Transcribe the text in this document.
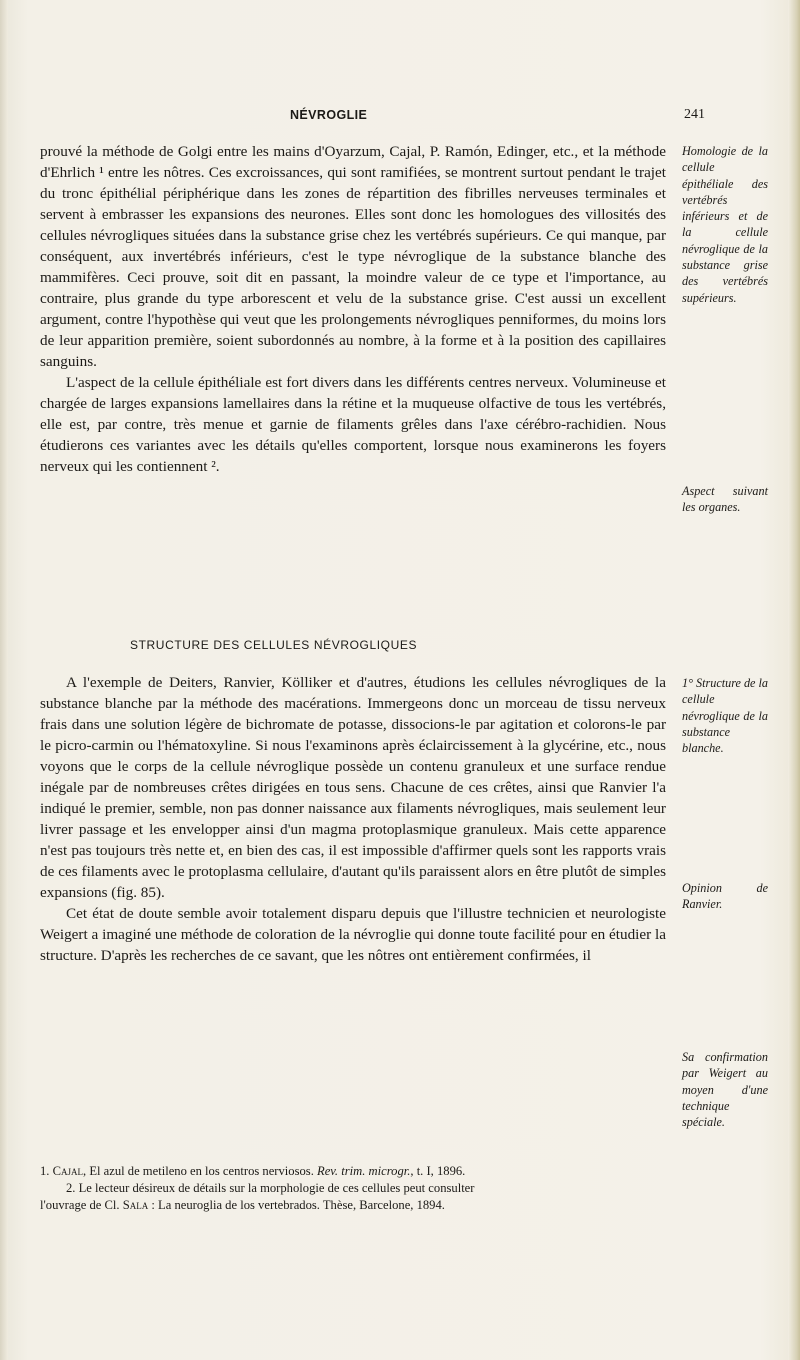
NÉVROGLIE	241

prouvé la méthode de Golgi entre les mains d'Oyarzum, Cajal, P. Ramón, Edinger, etc., et la méthode d'Ehrlich ¹ entre les nôtres. Ces excroissances, qui sont ramifiées, se montrent surtout pendant le trajet du tronc épithélial périphérique dans les zones de répartition des fibrilles nerveuses terminales et servent à embrasser les expansions des neurones. Elles sont donc les homologues des villosités des cellules névrogliques situées dans la substance grise chez les vertébrés supérieurs. Ce qui manque, par conséquent, aux invertébrés inférieurs, c'est le type névroglique de la substance blanche des mammifères. Ceci prouve, soit dit en passant, la moindre valeur de ce type et l'importance, au contraire, plus grande du type arborescent et velu de la substance grise. C'est aussi un excellent argument, contre l'hypothèse qui veut que les prolongements névrogliques penniformes, du moins lors de leur apparition première, soient subordonnés au nombre, à la forme et à la position des capillaires sanguins.

L'aspect de la cellule épithéliale est fort divers dans les différents centres nerveux. Volumineuse et chargée de larges expansions lamellaires dans la rétine et la muqueuse olfactive de tous les vertébrés, elle est, par contre, très menue et garnie de filaments grêles dans l'axe cérébro-rachidien. Nous étudierons ces variantes avec les détails qu'elles comportent, lorsque nous examinerons les foyers nerveux qui les contiennent ².

STRUCTURE DES CELLULES NÉVROGLIQUES

A l'exemple de Deiters, Ranvier, Kölliker et d'autres, étudions les cellules névrogliques de la substance blanche par la méthode des macérations. Immergeons donc un morceau de tissu nerveux frais dans une solution légère de bichromate de potasse, dissocions-le par agitation et colorons-le par le picro-carmin ou l'hématoxyline. Si nous l'examinons après éclaircissement à la glycérine, etc., nous voyons que le corps de la cellule névroglique possède un contenu granuleux et une surface rendue inégale par de nombreuses crêtes dirigées en tous sens. Chacune de ces crêtes, ainsi que Ranvier l'a indiqué le premier, semble, non pas donner naissance aux filaments névrogliques, mais seulement leur livrer passage et les envelopper ainsi d'un magma protoplasmique granuleux. Mais cette apparence n'est pas toujours très nette et, en bien des cas, il est impossible d'affirmer quels sont les rapports vrais de ces filaments avec le protoplasma cellulaire, d'autant qu'ils paraissent alors en être plutôt de simples expansions (fig. 85).

Cet état de doute semble avoir totalement disparu depuis que l'illustre technicien et neurologiste Weigert a imaginé une méthode de coloration de la névroglie qui donne toute facilité pour en étudier la structure. D'après les recherches de ce savant, que les nôtres ont entièrement confirmées, il

Homologie de la cellule épithéliale des vertébrés inférieurs et de la cellule névroglique de la substance grise des vertébrés supérieurs.
Aspect suivant les organes.
1° Structure de la cellule névroglique de la substance blanche.
Opinion de Ranvier.
Sa confirmation par Weigert au moyen d'une technique spéciale.
1. Cajal, El azul de metileno en los centros nerviosos. Rev. trim. microgr., t. I, 1896.
2. Le lecteur désireux de détails sur la morphologie de ces cellules peut consulter
l'ouvrage de Cl. Sala : La neuroglia de los vertebrados. Thèse, Barcelone, 1894.
